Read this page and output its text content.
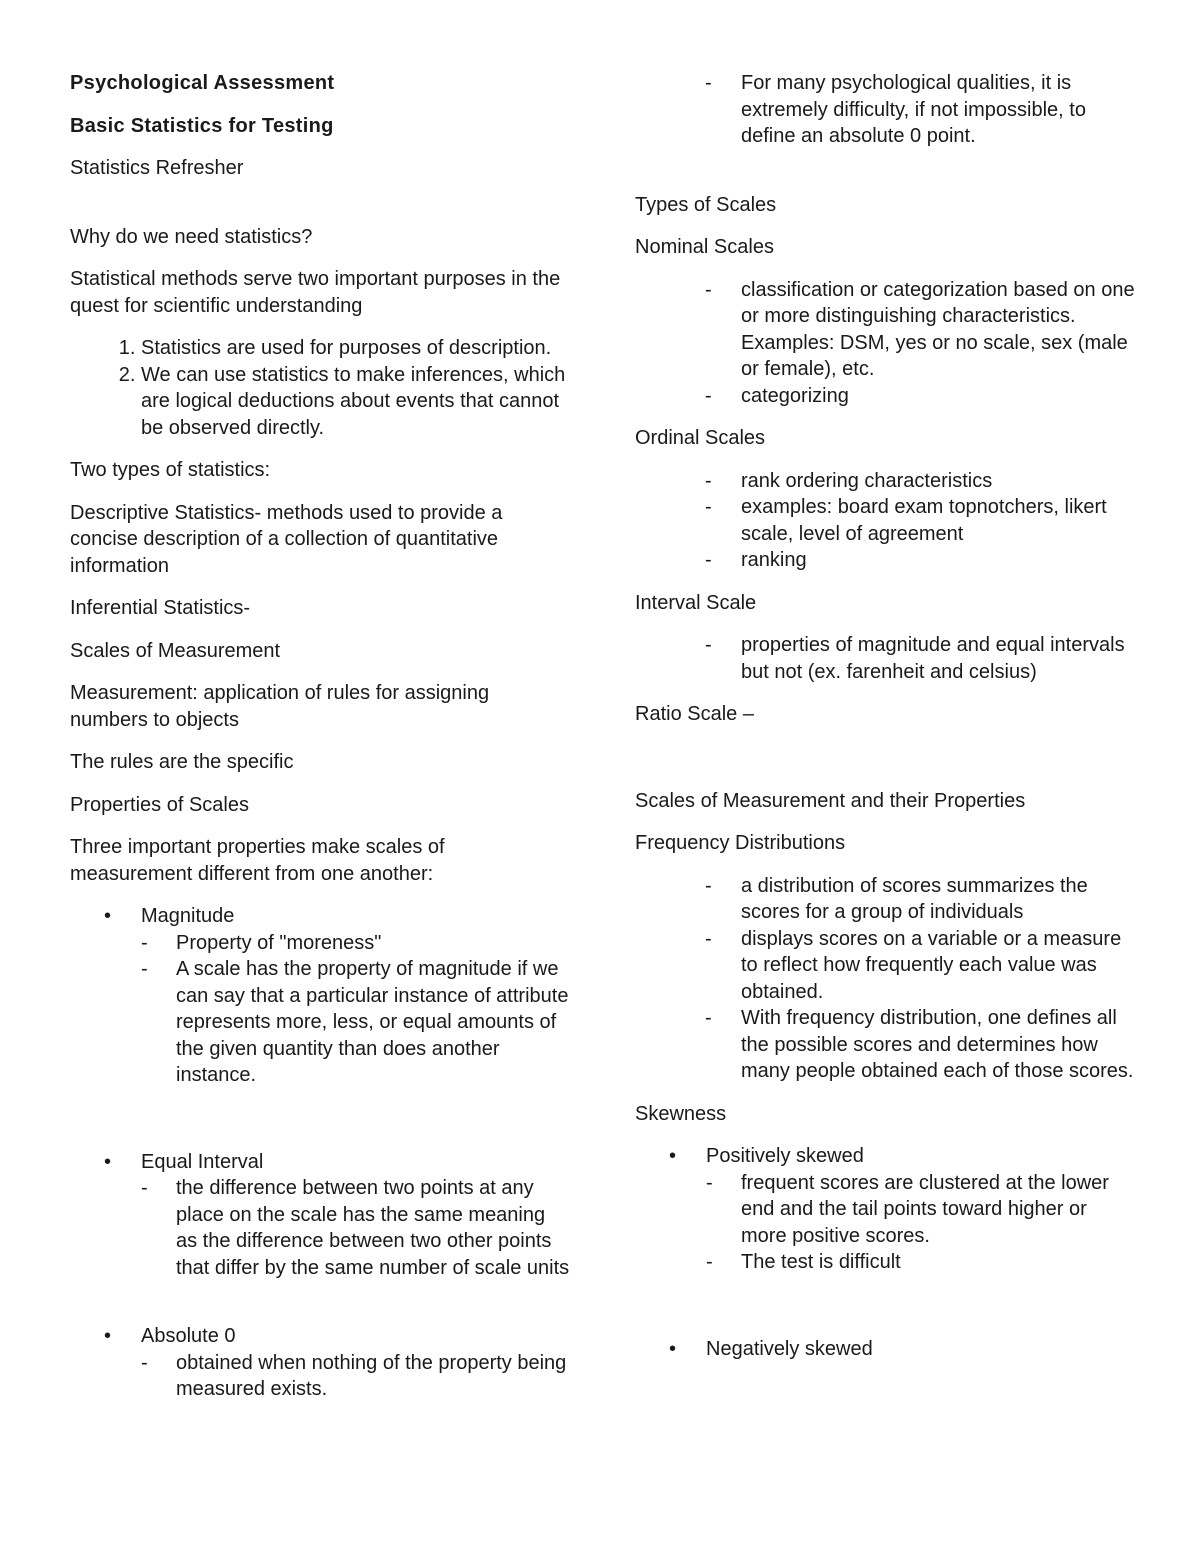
Psychological Assessment

Basic Statistics for Testing

Statistics Refresher

Why do we need statistics?

Statistical methods serve two important purposes in the quest for scientific understanding

1. Statistics are used for purposes of description.
2. We can use statistics to make inferences, which are logical deductions about events that cannot be observed directly.

Two types of statistics:

Descriptive Statistics- methods used to provide a concise description of a collection of quantitative information

Inferential Statistics-

Scales of Measurement

Measurement: application of rules for assigning numbers to objects

The rules are the specific

Properties of Scales

Three important properties make scales of measurement different from one another:

• Magnitude
- Property of "moreness"
- A scale has the property of magnitude if we can say that a particular instance of attribute represents more, less, or equal amounts of the given quantity than does another instance.
• Equal Interval
- the difference between two points at any place on the scale has the same meaning as the difference between two other points that differ by the same number of scale units
• Absolute 0
- obtained when nothing of the property being measured exists.
- For many psychological qualities, it is extremely difficulty, if not impossible, to define an absolute 0 point.

Types of Scales

Nominal Scales

- classification or categorization based on one or more distinguishing characteristics. Examples: DSM, yes or no scale, sex (male or female), etc.
- categorizing

Ordinal Scales

- rank ordering characteristics
- examples: board exam topnotchers, likert scale, level of agreement
- ranking

Interval Scale

- properties of magnitude and equal intervals but not (ex. farenheit and celsius)

Ratio Scale –

Scales of Measurement and their Properties

Frequency Distributions

- a distribution of scores summarizes the scores for a group of individuals
- displays scores on a variable or a measure to reflect how frequently each value was obtained.
- With frequency distribution, one defines all the possible scores and determines how many people obtained each of those scores.

Skewness

• Positively skewed
- frequent scores are clustered at the lower end and the tail points toward higher or more positive scores.
- The test is difficult
• Negatively skewed
